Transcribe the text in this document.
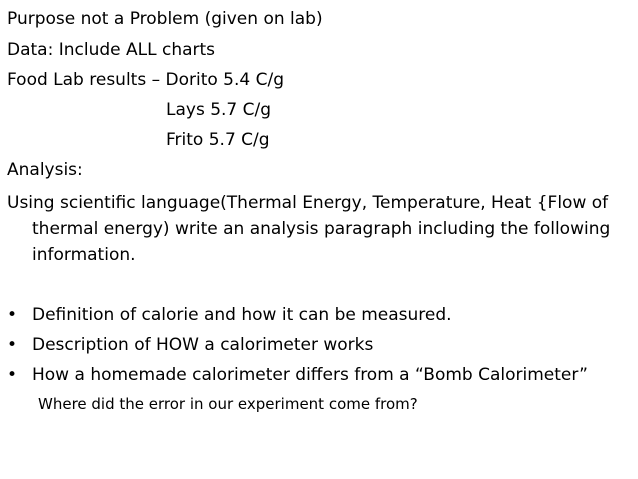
Purpose not a Problem (given on lab)
Data: Include ALL charts
Food Lab results – Dorito 5.4 C/g
Lays 5.7 C/g
Frito 5.7 C/g
Analysis:
Using scientific language(Thermal Energy, Temperature, Heat {Flow of
thermal energy) write an analysis paragraph including the following
information.
• Definition of calorie and how it can be measured.
• Description of HOW a calorimeter works
• How a homemade calorimeter differs from a “Bomb Calorimeter”
Where did the error in our experiment come from?
